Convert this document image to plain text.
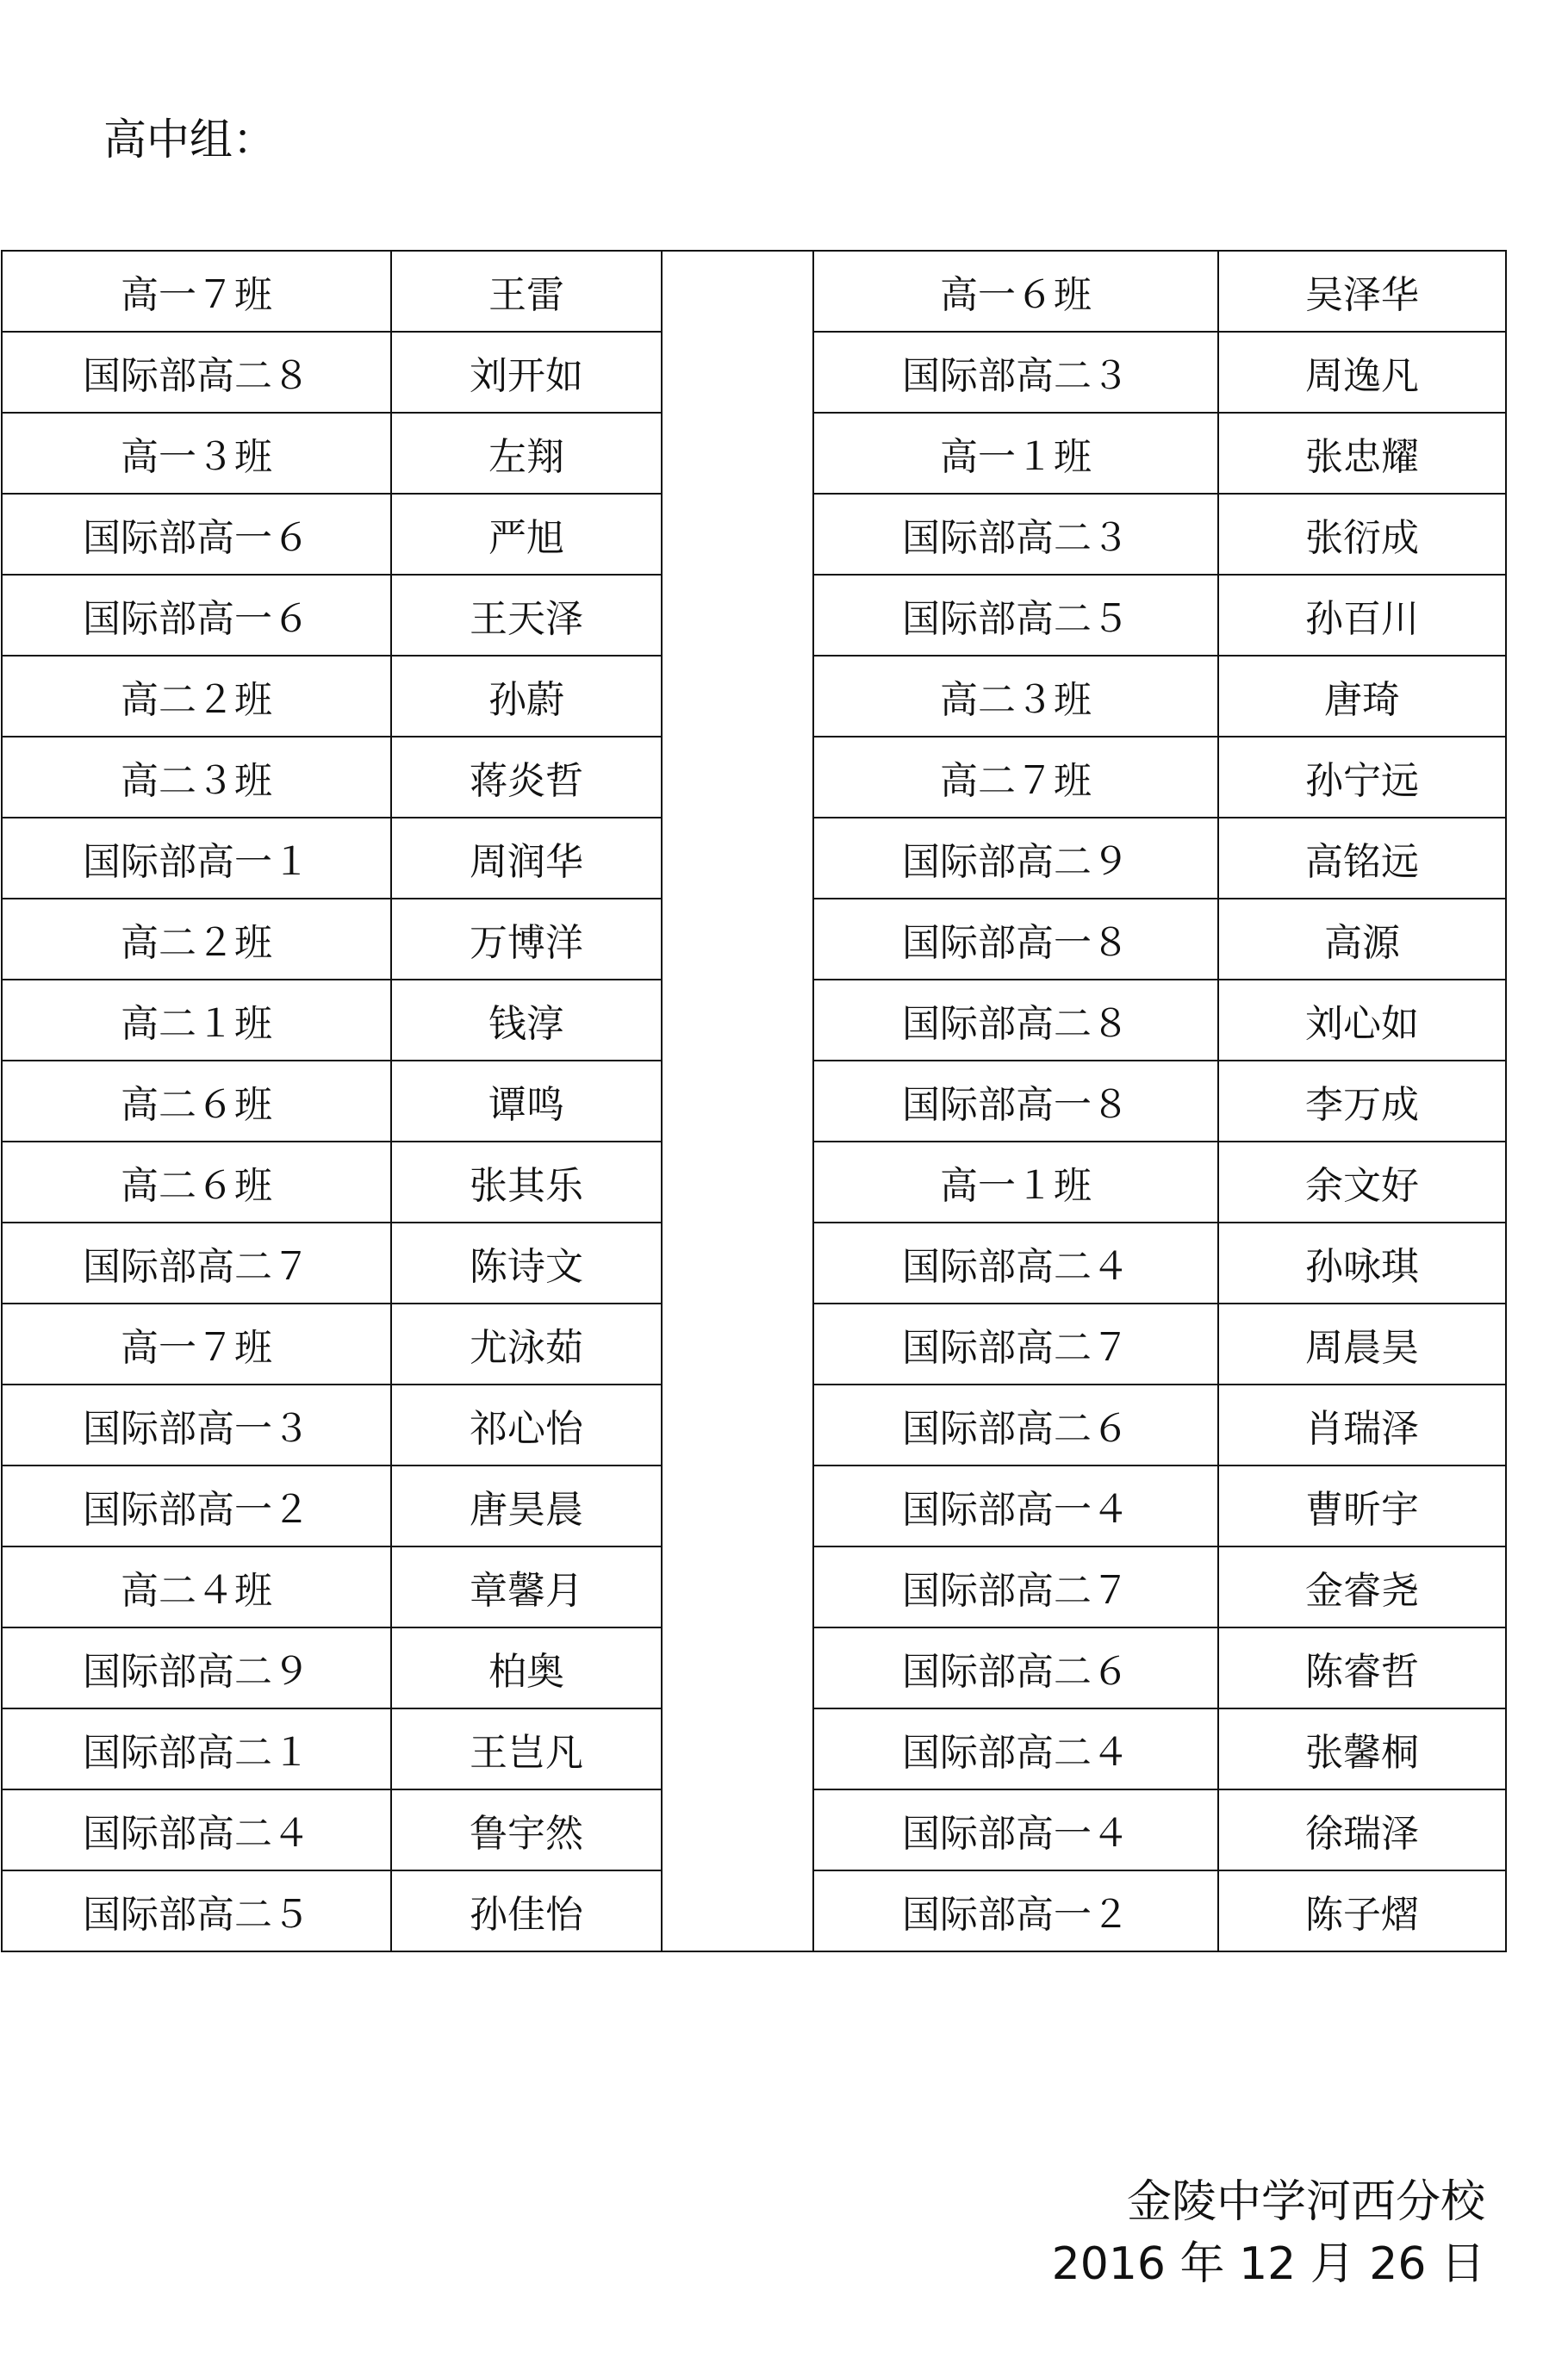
高中组：
高一７班	王雷		高一６班	吴泽华
国际部高二８	刘开如		国际部高二３	周逸凡
高一３班	左翔		高一１班	张忠耀
国际部高一６	严旭		国际部高二３	张衍成
国际部高一６	王天泽		国际部高二５	孙百川
高二２班	孙蔚		高二３班	唐琦
高二３班	蒋炎哲		高二７班	孙宁远
国际部高一１	周润华		国际部高二９	高铭远
高二２班	万博洋		国际部高一８	高源
高二１班	钱淳		国际部高二８	刘心如
高二６班	谭鸣		国际部高一８	李万成
高二６班	张其乐		高一１班	余文好
国际部高二７	陈诗文		国际部高二４	孙咏琪
高一７班	尤泳茹		国际部高二７	周晨昊
国际部高一３	祁心怡		国际部高二６	肖瑞泽
国际部高一２	唐昊晨		国际部高一４	曹昕宇
高二４班	章馨月		国际部高二７	金睿尧
国际部高二９	柏奥		国际部高二６	陈睿哲
国际部高二１	王岂凡		国际部高二４	张馨桐
国际部高二４	鲁宇然		国际部高一４	徐瑞泽
国际部高二５	孙佳怡		国际部高一２	陈子熠
金陵中学河西分校
2016 年 12 月 26 日
